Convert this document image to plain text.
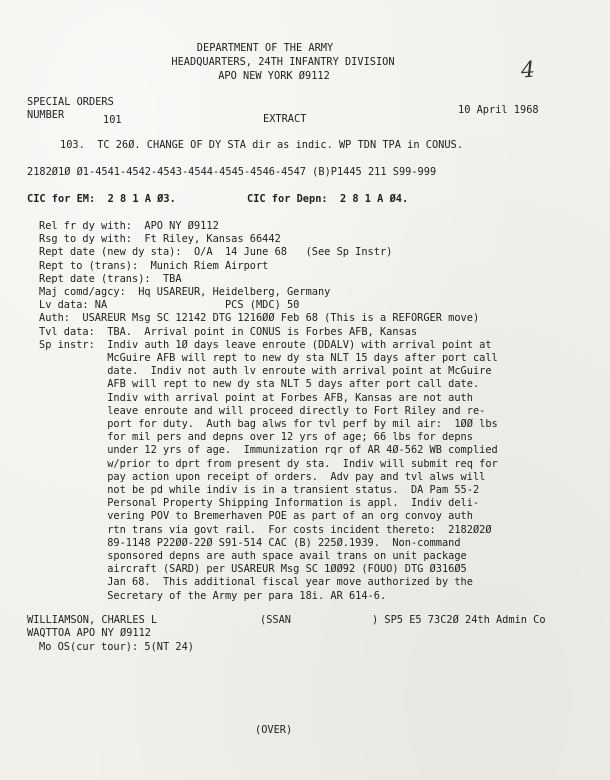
DEPARTMENT OF THE ARMY
HEADQUARTERS, 24TH INFANTRY DIVISION
APO NEW YORK Ø9112	4
SPECIAL ORDERS
NUMBER	101	EXTRACT
10 April 1968
103.  TC 26Ø. CHANGE OF DY STA dir as indic. WP TDN TPA in CONUS.
2182Ø1Ø Ø1-4541-4542-4543-4544-4545-4546-4547 (B)P1445 211 S99-999
CIC for EM:  2 8 1 A Ø3.	CIC for Depn:  2 8 1 A Ø4.
Rel fr dy with:  APO NY Ø9112
Rsg to dy with:  Ft Riley, Kansas 66442
Rept date (new dy sta):  O/A  14 June 68   (See Sp Instr)
Rept to (trans):  Munich Riem Airport
Rept date (trans):  TBA
Maj comd/agcy:  Hq USAREUR, Heidelberg, Germany
Lv data: NA                   PCS (MDC) 50
Auth:  USAREUR Msg SC 12142 DTG 1216ØØ Feb 68 (This is a REFORGER move)
Tvl data:  TBA.  Arrival point in CONUS is Forbes AFB, Kansas
Sp instr:  Indiv auth 1Ø days leave enroute (DDALV) with arrival point at
McGuire AFB will rept to new dy sta NLT 15 days after port call
date.  Indiv not auth lv enroute with arrival point at McGuire
AFB will rept to new dy sta NLT 5 days after port call date.
Indiv with arrival point at Forbes AFB, Kansas are not auth
leave enroute and will proceed directly to Fort Riley and re-
port for duty.  Auth bag alws for tvl perf by mil air:  1ØØ lbs
for mil pers and depns over 12 yrs of age; 66 lbs for depns
under 12 yrs of age.  Immunization rqr of AR 4Ø-562 WB complied
w/prior to dprt from present dy sta.  Indiv will submit req for
pay action upon receipt of orders.  Adv pay and tvl alws will
not be pd while indiv is in a transient status.  DA Pam 55-2
Personal Property Shipping Information is appl.  Indiv deli-
vering POV to Bremerhaven POE as part of an org convoy auth
rtn trans via govt rail.  For costs incident thereto:  2182Ø2Ø
89-1148 P22ØØ-22Ø S91-514 CAC (B) 225Ø.1939.  Non-command
sponsored depns are auth space avail trans on unit package
aircraft (SARD) per USAREUR Msg SC 1ØØ92 (FOUO) DTG Ø316Ø5
Jan 68.  This additional fiscal year move authorized by the
Secretary of the Army per para 18i. AR 614-6.
WILLIAMSON, CHARLES L	(SSAN	) SP5 E5 73C2Ø 24th Admin Co
WAQTTOA APO NY Ø9112
Mo OS(cur tour): 5(NT 24)
(OVER)
